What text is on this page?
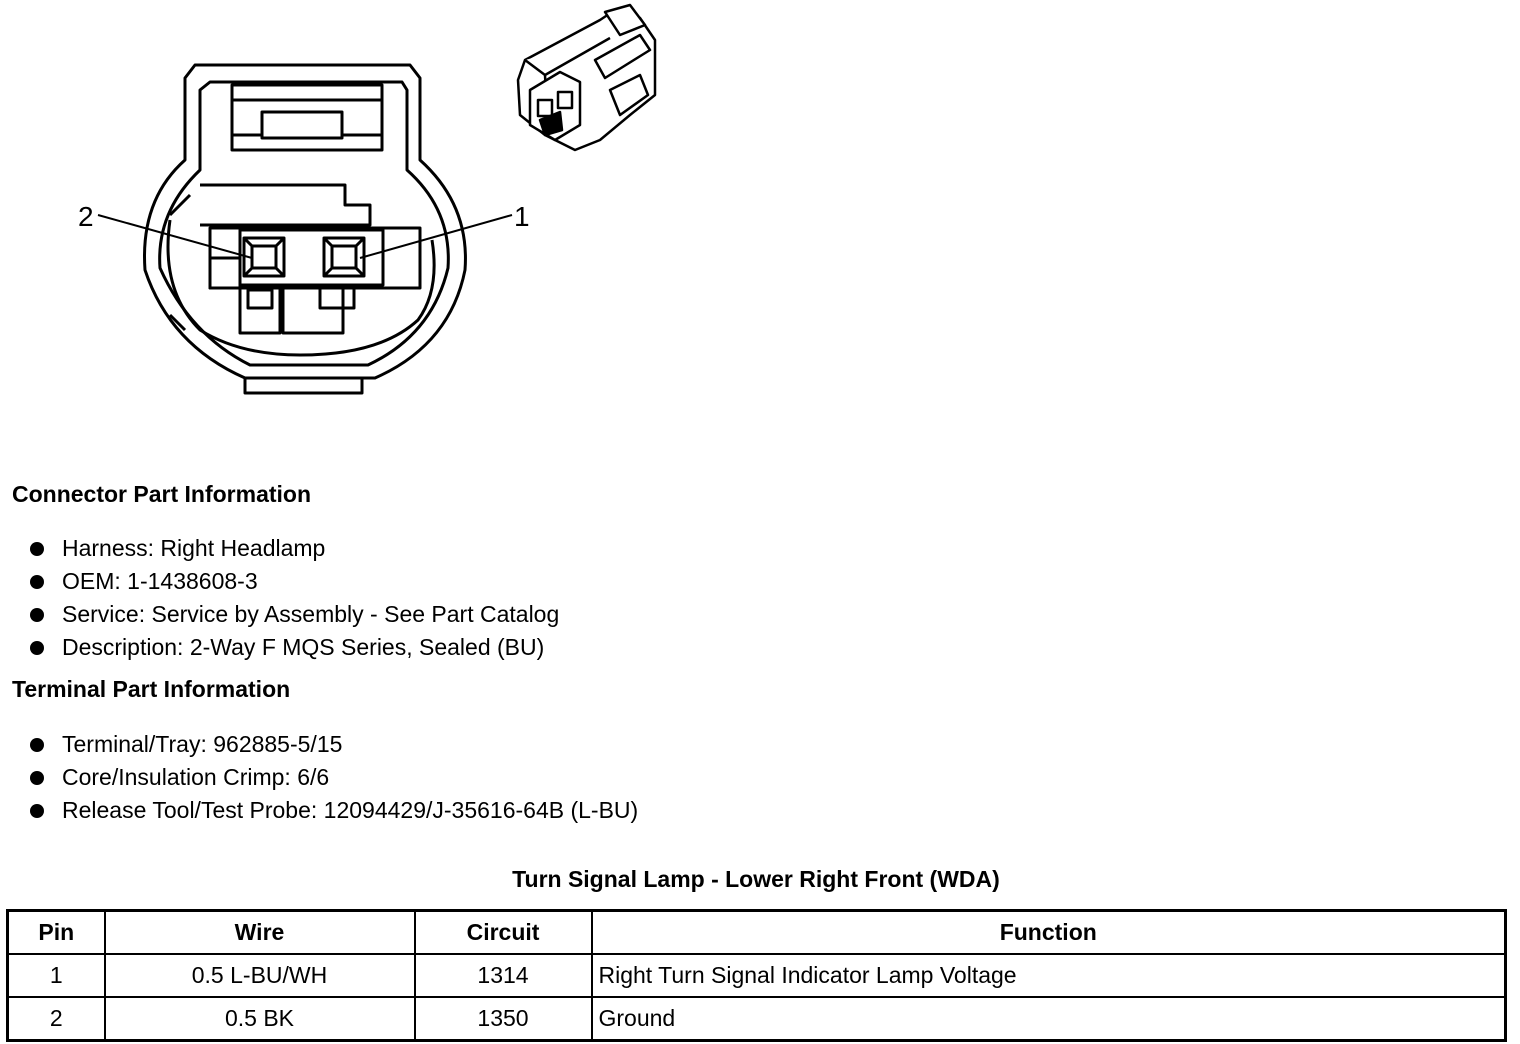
2	1
Connector Part Information
Harness: Right Headlamp
OEM: 1-1438608-3
Service: Service by Assembly - See Part Catalog
Description: 2-Way F MQS Series, Sealed (BU)
Terminal Part Information
Terminal/Tray: 962885-5/15
Core/Insulation Crimp: 6/6
Release Tool/Test Probe: 12094429/J-35616-64B (L-BU)
Turn Signal Lamp - Lower Right Front (WDA)
Pin	Wire	Circuit	Function
1	0.5 L-BU/WH	1314	Right Turn Signal Indicator Lamp Voltage
2	0.5 BK	1350	Ground
